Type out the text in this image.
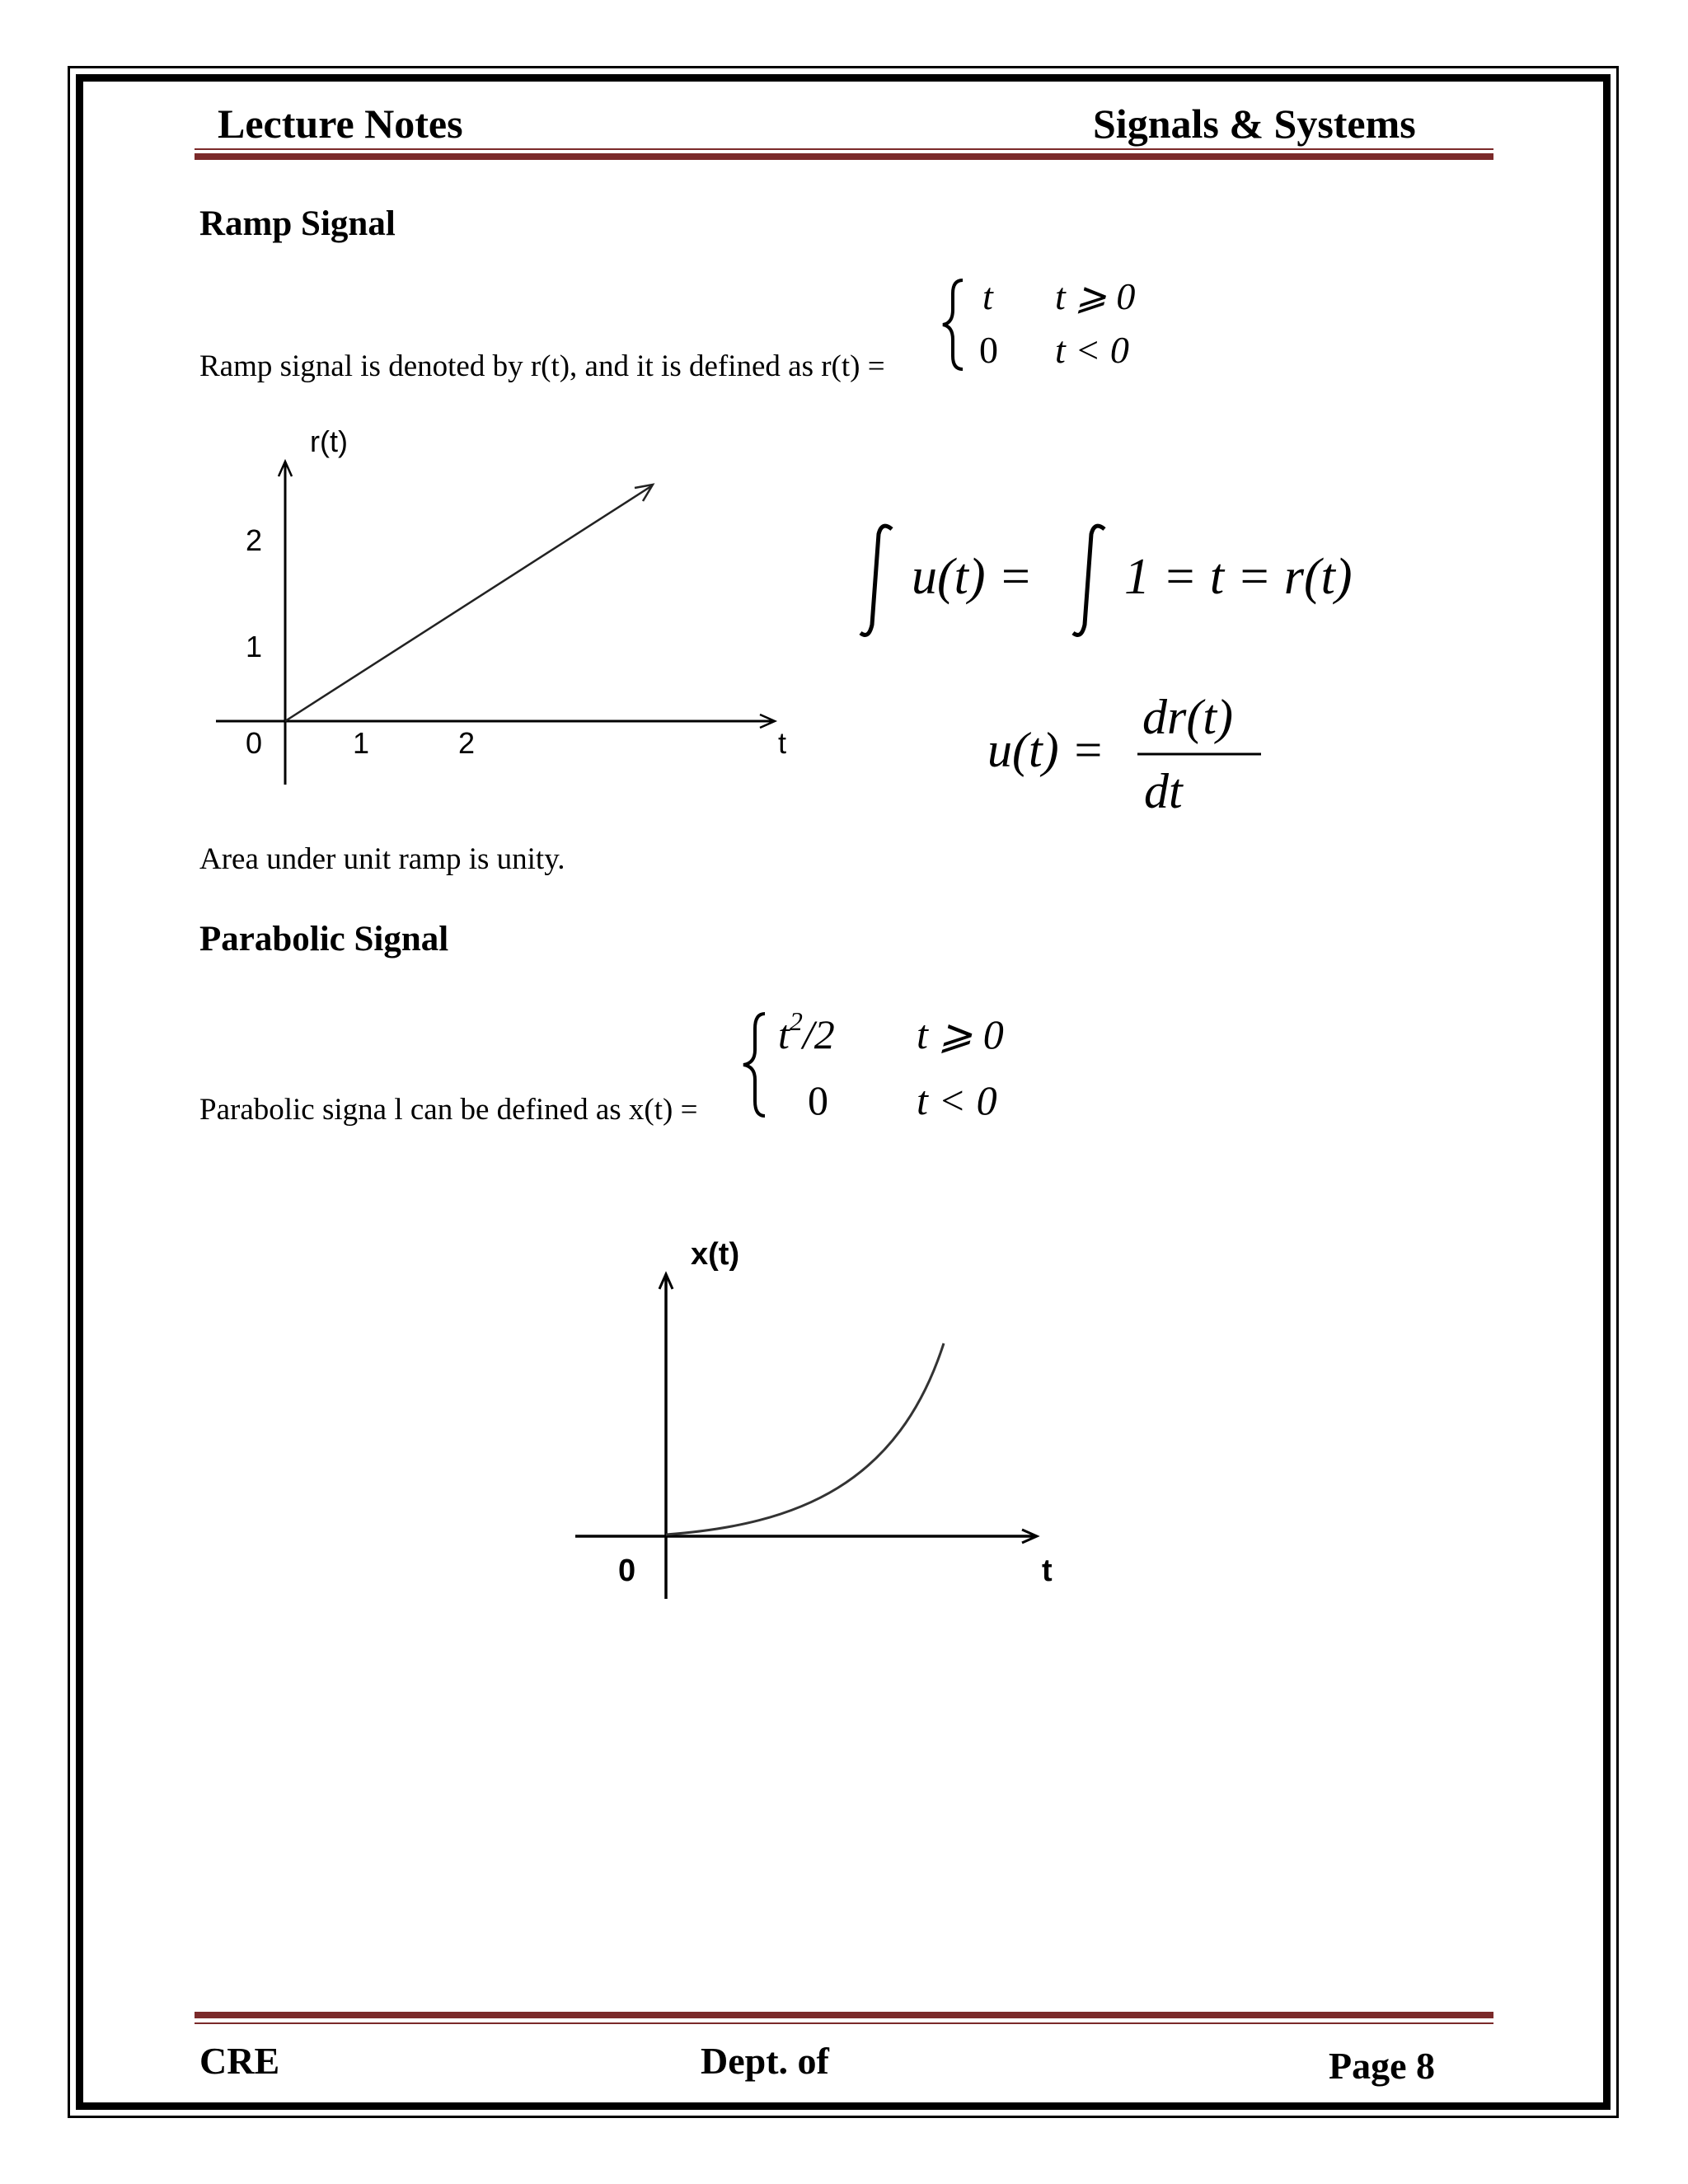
Lecture Notes	Signals & Systems
Ramp Signal
Ramp signal is denoted by r(t), and it is defined as r(t) =
t t ⩾ 0
0 t < 0
r(t)
2
1
0	1	2	t
u(t) = 1 = t = r(t)
u(t) =
dr(t)
dt
Area under unit ramp is unity.
Parabolic Signal
Parabolic signa l can be defined as x(t) =
$t^2/2$ t ⩾ 0
0 t < 0
x(t)
0	t
CRE	Dept. of	Page 8
